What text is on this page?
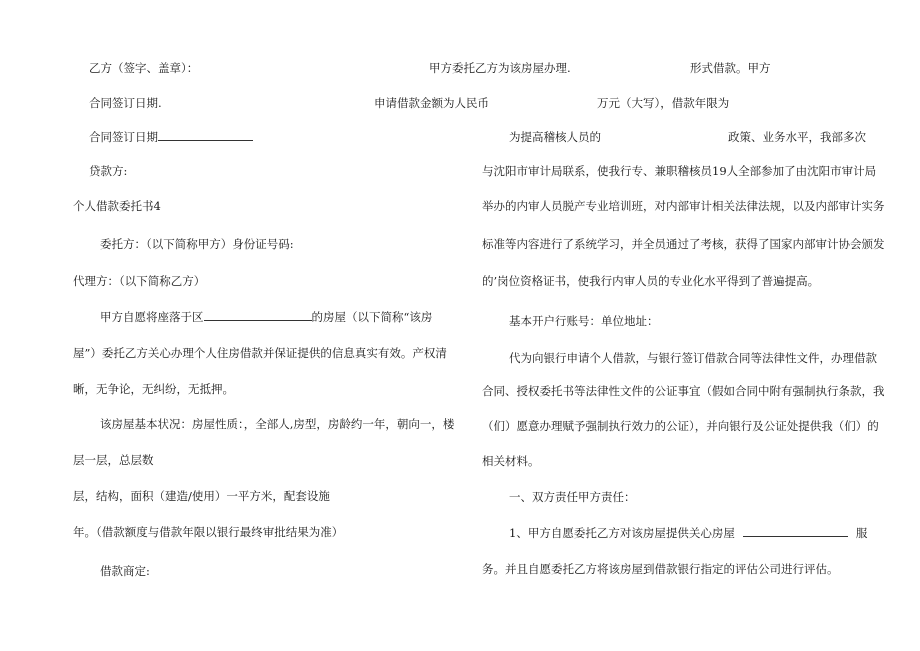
乙方（签字、盖章）：
合同签订日期.
合同签订日期
贷款方:
个人借款委托书4
委托方：（以下简称甲方）身份证号码:
代理方：（以下简称乙方）
甲方自愿将座落于区	的房屋（以下简称“该房
屋”）委托乙方关心办理个人住房借款并保证提供的信息真实有效。产权清
晰，无争论，无纠纷，无抵押。
该房屋基本状况：房屋性质：，全部人,房型，房龄约一年，朝向一，楼
层一层，总层数
层，结构，面积（建造/使用）一平方米，配套设施
年。（借款额度与借款年限以银行最终审批结果为准）
借款商定:
甲方委托乙方为该房屋办理.	形式借款。甲方
申请借款金额为人民币	万元（大写），借款年限为
为提高稽核人员的	政策、业务水平，我部多次
与沈阳市审计局联系，使我行专、兼职稽核员19人全部参加了由沈阳市审计局
举办的内审人员脱产专业培训班，对内部审计相关法律法规，以及内部审计实务
标准等内容进行了系统学习，并全员通过了考核，获得了国家内部审计协会颁发
的’岗位资格证书，使我行内审人员的专业化水平得到了普遍提高。
基本开户行账号：单位地址：
代为向银行申请个人借款，与银行签订借款合同等法律性文件，办理借款
合同、授权委托书等法律性文件的公证事宜（假如合同中附有强制执行条款，我
（们）愿意办理赋予强制执行效力的公证），并向银行及公证处提供我（们）的
相关材料。
一、双方责任甲方责任：
1、甲方自愿委托乙方对该房屋提供关心房屋	服
务。并且自愿委托乙方将该房屋到借款银行指定的评估公司进行评估。
